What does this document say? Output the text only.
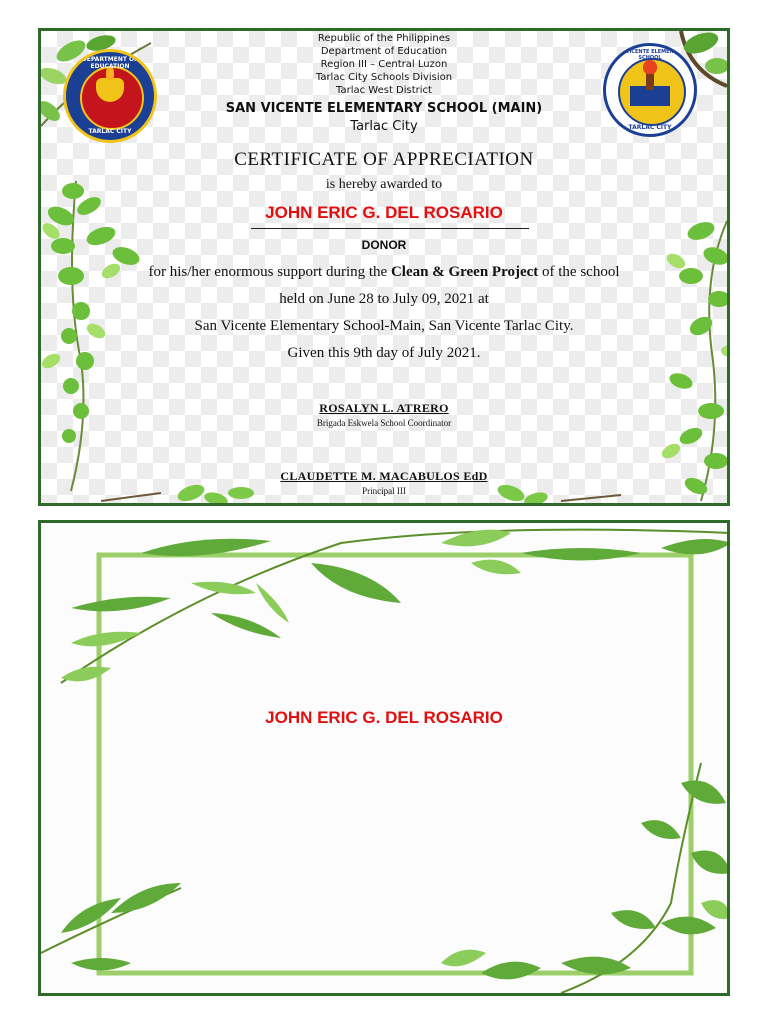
DEPARTMENT OF EDUCATION
TARLAC CITY
SAN VICENTE ELEMENTARY SCHOOL
TARLAC CITY
Republic of the Philippines
Department of Education
Region III – Central Luzon
Tarlac City Schools Division
Tarlac West District
SAN VICENTE ELEMENTARY SCHOOL (MAIN)
Tarlac City
CERTIFICATE OF APPRECIATION
is hereby awarded to
JOHN ERIC G. DEL ROSARIO
DONOR
for his/her enormous support during the Clean & Green Project of the school
held on June 28 to July 09, 2021 at
San Vicente Elementary School-Main, San Vicente Tarlac City.
Given this 9th day of July 2021.
ROSALYN L. ATRERO
Brigada Eskwela School Coordinator
CLAUDETTE M. MACABULOS EdD
Principal III
JOHN ERIC G. DEL ROSARIO
